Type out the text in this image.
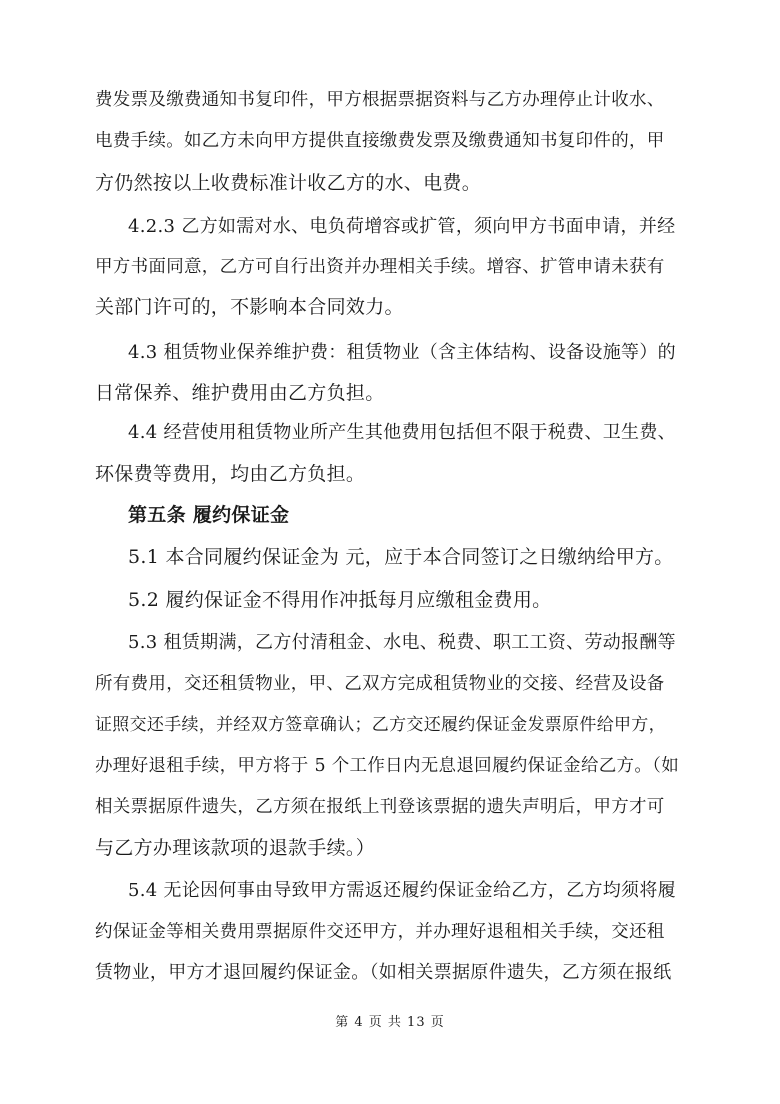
费发票及缴费通知书复印件，甲方根据票据资料与乙方办理停止计收水、
电费手续。如乙方未向甲方提供直接缴费发票及缴费通知书复印件的，甲
方仍然按以上收费标准计收乙方的水、电费。
4.2.3 乙方如需对水、电负荷增容或扩管，须向甲方书面申请，并经
甲方书面同意，乙方可自行出资并办理相关手续。增容、扩管申请未获有
关部门许可的，不影响本合同效力。
4.3 租赁物业保养维护费：租赁物业（含主体结构、设备设施等）的
日常保养、维护费用由乙方负担。
4.4 经营使用租赁物业所产生其他费用包括但不限于税费、卫生费、
环保费等费用，均由乙方负担。
第五条 履约保证金
5.1 本合同履约保证金为 元，应于本合同签订之日缴纳给甲方。
5.2 履约保证金不得用作冲抵每月应缴租金费用。
5.3 租赁期满，乙方付清租金、水电、税费、职工工资、劳动报酬等
所有费用，交还租赁物业，甲、乙双方完成租赁物业的交接、经营及设备
证照交还手续，并经双方签章确认；乙方交还履约保证金发票原件给甲方，
办理好退租手续，甲方将于 5 个工作日内无息退回履约保证金给乙方。（如
相关票据原件遗失，乙方须在报纸上刊登该票据的遗失声明后，甲方才可
与乙方办理该款项的退款手续。）
5.4 无论因何事由导致甲方需返还履约保证金给乙方，乙方均须将履
约保证金等相关费用票据原件交还甲方，并办理好退租相关手续，交还租
赁物业，甲方才退回履约保证金。（如相关票据原件遗失，乙方须在报纸
第 4 页 共 13 页
